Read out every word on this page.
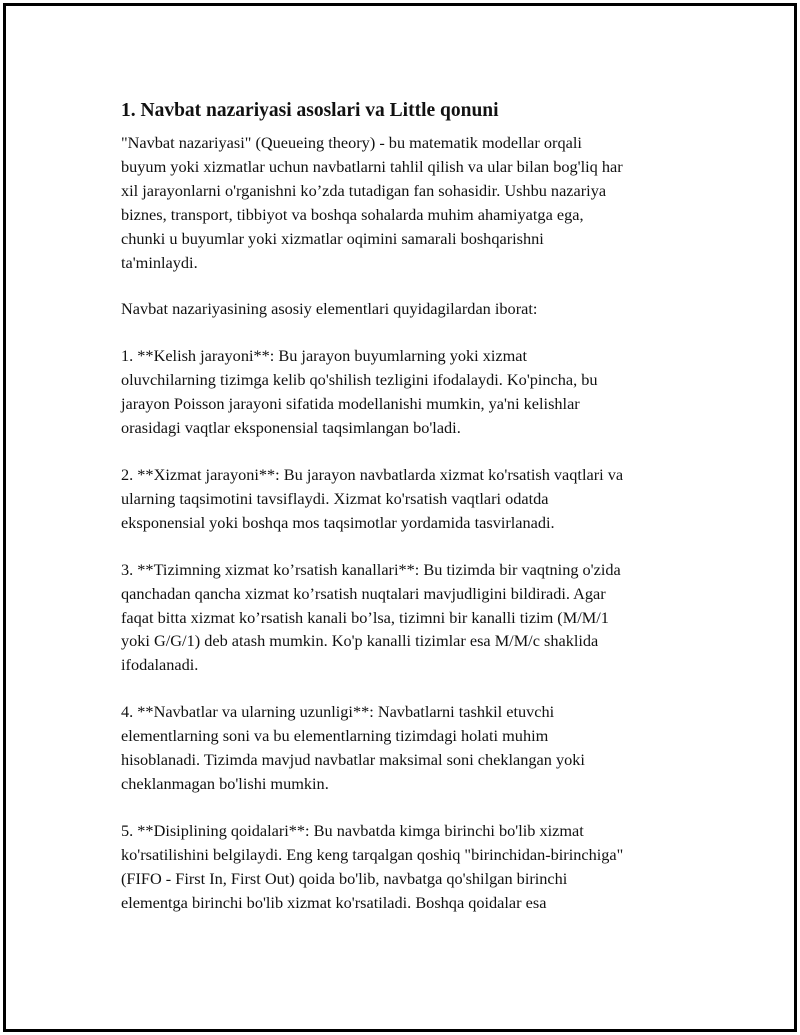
1. Navbat nazariyasi asoslari va Little qonuni

"Navbat nazariyasi" (Queueing theory) - bu matematik modellar orqali
buyum yoki xizmatlar uchun navbatlarni tahlil qilish va ular bilan bog'liq har
xil jarayonlarni o'rganishni ko’zda tutadigan fan sohasidir. Ushbu nazariya
biznes, transport, tibbiyot va boshqa sohalarda muhim ahamiyatga ega,
chunki u buyumlar yoki xizmatlar oqimini samarali boshqarishni
ta'minlaydi.

Navbat nazariyasining asosiy elementlari quyidagilardan iborat:

1. **Kelish jarayoni**: Bu jarayon buyumlarning yoki xizmat
oluvchilarning tizimga kelib qo'shilish tezligini ifodalaydi. Ko'pincha, bu
jarayon Poisson jarayoni sifatida modellanishi mumkin, ya'ni kelishlar
orasidagi vaqtlar eksponensial taqsimlangan bo'ladi.

2. **Xizmat jarayoni**: Bu jarayon navbatlarda xizmat ko'rsatish vaqtlari va
ularning taqsimotini tavsiflaydi. Xizmat ko'rsatish vaqtlari odatda
eksponensial yoki boshqa mos taqsimotlar yordamida tasvirlanadi.

3. **Tizimning xizmat ko’rsatish kanallari**: Bu tizimda bir vaqtning o'zida
qanchadan qancha xizmat ko’rsatish nuqtalari mavjudligini bildiradi. Agar
faqat bitta xizmat ko’rsatish kanali bo’lsa, tizimni bir kanalli tizim (M/M/1
yoki G/G/1) deb atash mumkin. Ko'p kanalli tizimlar esa M/M/c shaklida
ifodalanadi.

4. **Navbatlar va ularning uzunligi**: Navbatlarni tashkil etuvchi
elementlarning soni va bu elementlarning tizimdagi holati muhim
hisoblanadi. Tizimda mavjud navbatlar maksimal soni cheklangan yoki
cheklanmagan bo'lishi mumkin.

5. **Disiplining qoidalari**: Bu navbatda kimga birinchi bo'lib xizmat
ko'rsatilishini belgilaydi. Eng keng tarqalgan qoshiq "birinchidan-birinchiga"
(FIFO - First In, First Out) qoida bo'lib, navbatga qo'shilgan birinchi
elementga birinchi bo'lib xizmat ko'rsatiladi. Boshqa qoidalar esa
